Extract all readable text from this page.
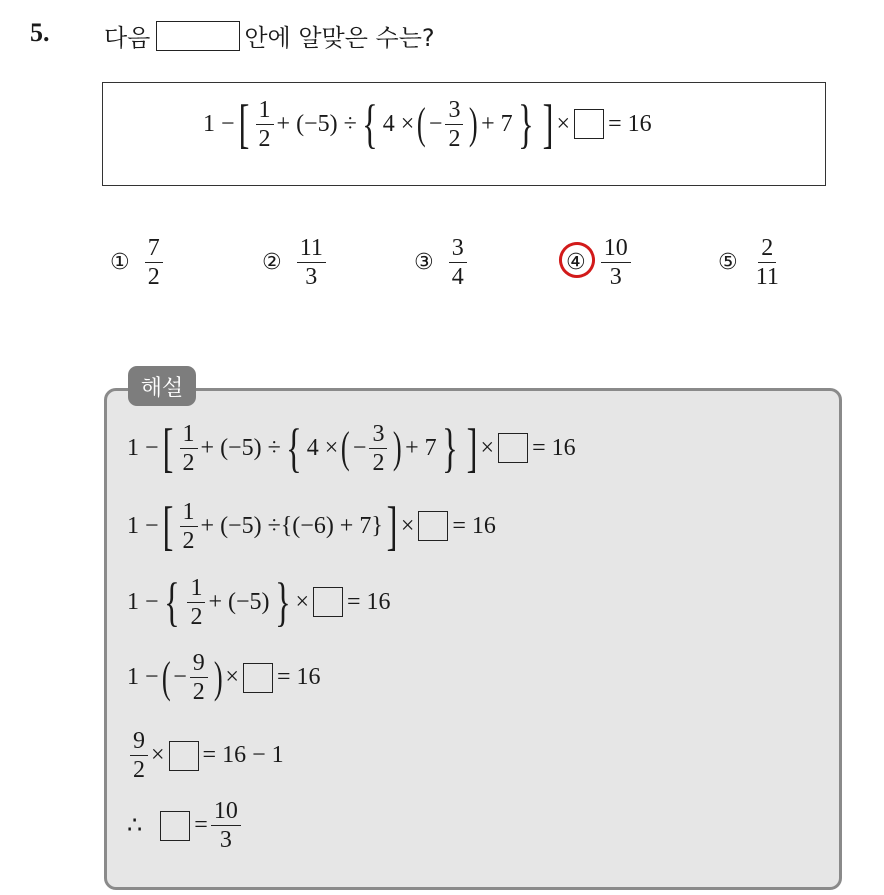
5. 다음	안에 알맞은 수는?
1 − [ $\frac{1}{2} + (-5)$ ÷ { 4 × ( − $\frac{3}{2}$ ) + 7 } ] × = 16
① $\frac{7}{2}$	② $\frac{11}{3}$	③ $\frac{3}{4}$	④ $\frac{10}{3}$	⑤ $\frac{2}{11}$
1 − [ $\frac{1}{2} + (-5)$ ÷ { 4 × ( − $\frac{3}{2}$ ) + 7 } ] × = 16
1 − [ $\frac{1}{2} + (-5) \div \{(-6) + 7\}$ ] × = 16
1 − { $\frac{1}{2} + (-5)$ } × = 16
1 − ( − $\frac{9}{2}$ ) × = 16
$\frac{9}{2}$ × = 16 − 1
∴ = $\frac{10}{3}$
해설
